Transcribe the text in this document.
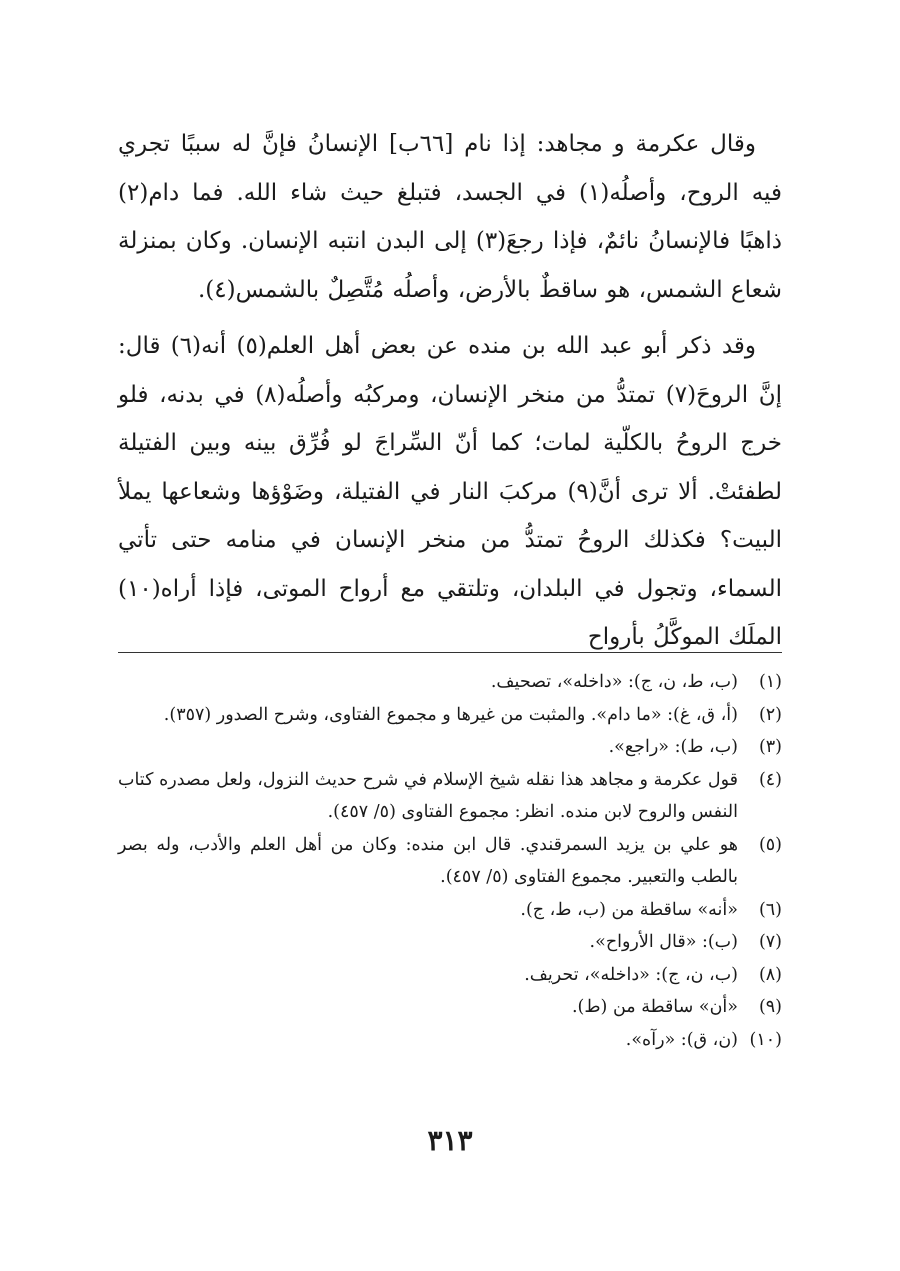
وقال عكرمة و مجاهد: إذا نام [٦٦ب] الإنسانُ فإنَّ له سببًا تجري فيه الروح، وأصلُه(١) في الجسد، فتبلغ حيث شاء الله. فما دام(٢) ذاهبًا فالإنسانُ نائمٌ، فإذا رجعَ(٣) إلى البدن انتبه الإنسان. وكان بمنزلة شعاع الشمس، هو ساقطٌ بالأرض، وأصلُه مُتَّصِلٌ بالشمس(٤).

وقد ذكر أبو عبد الله بن منده عن بعض أهل العلم(٥) أنه(٦) قال: إنَّ الروحَ(٧) تمتدُّ من منخر الإنسان، ومركبُه وأصلُه(٨) في بدنه، فلو خرج الروحُ بالكلّية لمات؛ كما أنّ السِّراجَ لو فُرِّق بينه وبين الفتيلة لطفئتْ. ألا ترى أنَّ(٩) مركبَ النار في الفتيلة، وضَوْؤها وشعاعها يملأ البيت؟ فكذلك الروحُ تمتدُّ من منخر الإنسان في منامه حتى تأتي السماء، وتجول في البلدان، وتلتقي مع أرواح الموتى، فإذا أراه(١٠) الملَك الموكَّلُ بأرواح

(١)
(ب، ط، ن، ج): «داخله»، تصحيف.
(٢)
(أ، ق، غ): «ما دام». والمثبت من غيرها و مجموع الفتاوى، وشرح الصدور (٣٥٧).
(٣)
(ب، ط): «راجع».
(٤)
قول عكرمة و مجاهد هذا نقله شيخ الإسلام في شرح حديث النزول، ولعل مصدره كتاب النفس والروح لابن منده. انظر: مجموع الفتاوى (٥/ ٤٥٧).
(٥)
هو علي بن يزيد السمرقندي. قال ابن منده: وكان من أهل العلم والأدب، وله بصر بالطب والتعبير. مجموع الفتاوى (٥/ ٤٥٧).
(٦)
«أنه» ساقطة من (ب، ط، ج).
(٧)
(ب): «قال الأرواح».
(٨)
(ب، ن، ج): «داخله»، تحريف.
(٩)
«أن» ساقطة من (ط).
(١٠)
(ن، ق): «رآه».
٣١٣
